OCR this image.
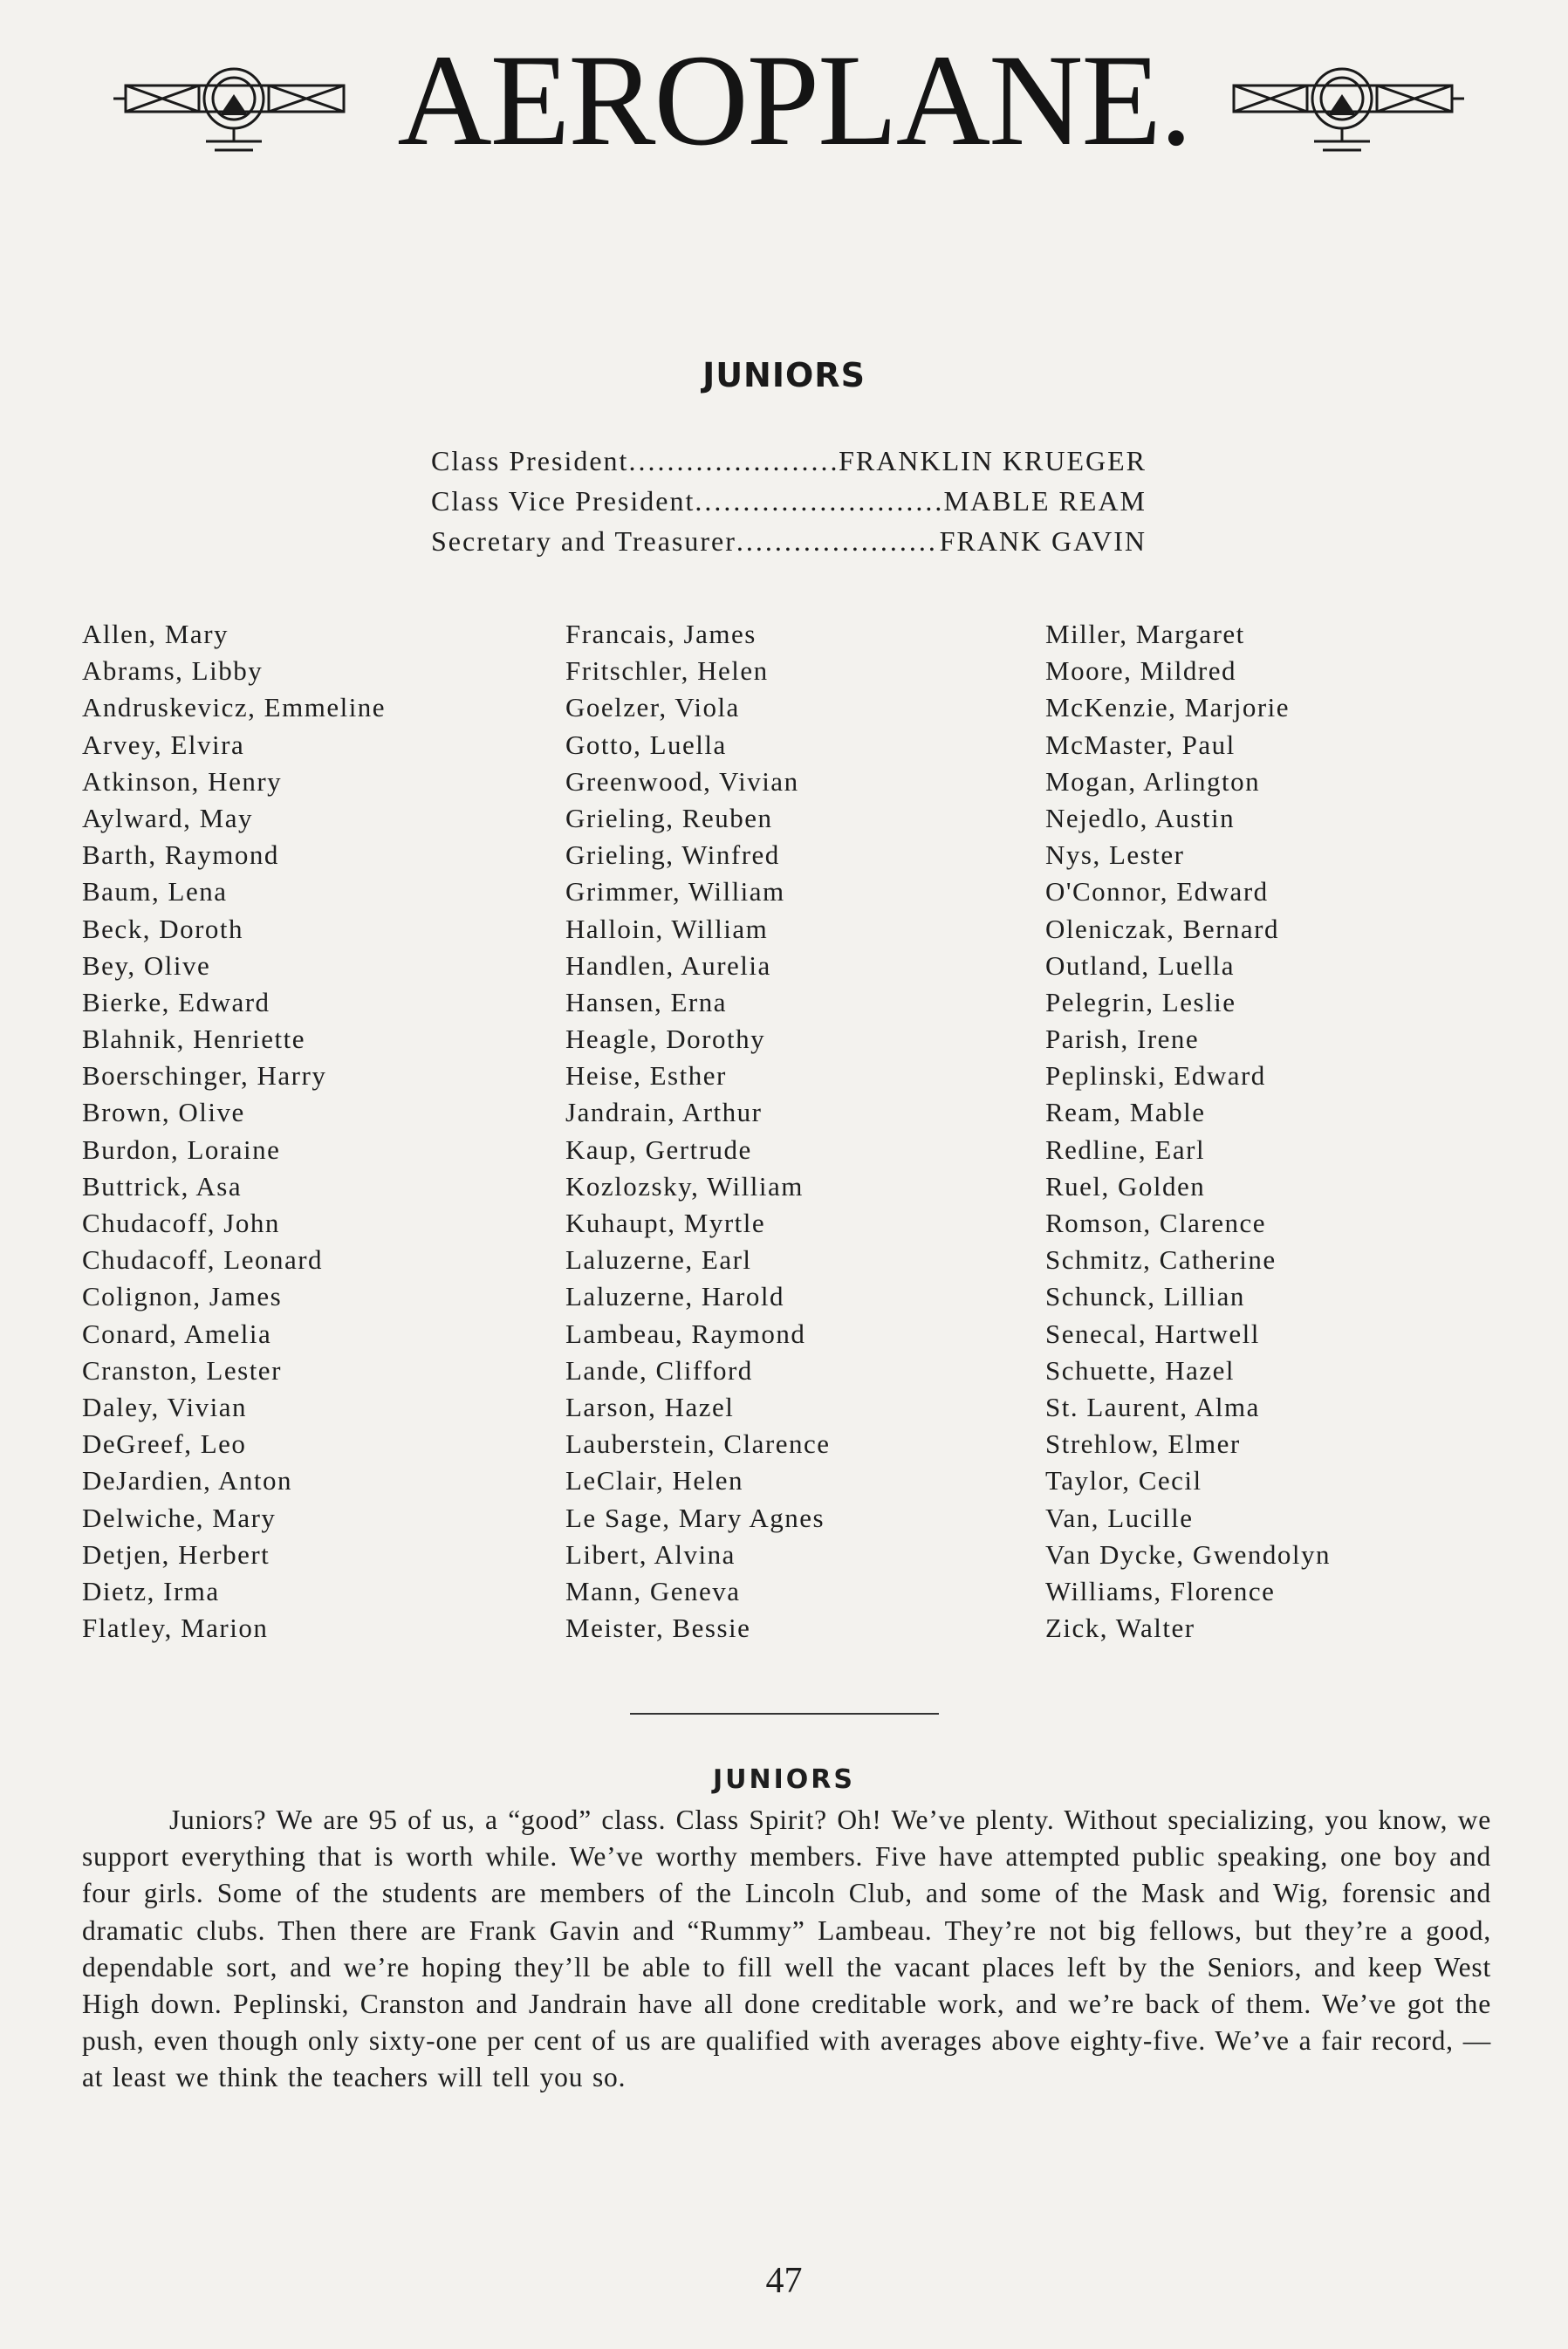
AEROPLANE.
JUNIORS
Class President .....	FRANKLIN KRUEGER
Class Vice President .....	MABLE REAM
Secretary and Treasurer .....	FRANK GAVIN
Allen, Mary
Abrams, Libby
Andruskevicz, Emmeline
Arvey, Elvira
Atkinson, Henry
Aylward, May
Barth, Raymond
Baum, Lena
Beck, Doroth
Bey, Olive
Bierke, Edward
Blahnik, Henriette
Boerschinger, Harry
Brown, Olive
Burdon, Loraine
Buttrick, Asa
Chudacoff, John
Chudacoff, Leonard
Colignon, James
Conard, Amelia
Cranston, Lester
Daley, Vivian
DeGreef, Leo
DeJardien, Anton
Delwiche, Mary
Detjen, Herbert
Dietz, Irma
Flatley, Marion
Francais, James
Fritschler, Helen
Goelzer, Viola
Gotto, Luella
Greenwood, Vivian
Grieling, Reuben
Grieling, Winfred
Grimmer, William
Halloin, William
Handlen, Aurelia
Hansen, Erna
Heagle, Dorothy
Heise, Esther
Jandrain, Arthur
Kaup, Gertrude
Kozlozsky, William
Kuhaupt, Myrtle
Laluzerne, Earl
Laluzerne, Harold
Lambeau, Raymond
Lande, Clifford
Larson, Hazel
Lauberstein, Clarence
LeClair, Helen
Le Sage, Mary Agnes
Libert, Alvina
Mann, Geneva
Meister, Bessie
Miller, Margaret
Moore, Mildred
McKenzie, Marjorie
McMaster, Paul
Mogan, Arlington
Nejedlo, Austin
Nys, Lester
O'Connor, Edward
Oleniczak, Bernard
Outland, Luella
Pelegrin, Leslie
Parish, Irene
Peplinski, Edward
Ream, Mable
Redline, Earl
Ruel, Golden
Romson, Clarence
Schmitz, Catherine
Schunck, Lillian
Senecal, Hartwell
Schuette, Hazel
St. Laurent, Alma
Strehlow, Elmer
Taylor, Cecil
Van, Lucille
Van Dycke, Gwendolyn
Williams, Florence
Zick, Walter
JUNIORS

Juniors? We are 95 of us, a “good” class. Class Spirit? Oh! We’ve plenty. Without specializing, you know, we support everything that is worth while. We’ve worthy members. Five have attempted public speaking, one boy and four girls. Some of the students are members of the Lincoln Club, and some of the Mask and Wig, forensic and dramatic clubs. Then there are Frank Gavin and “Rummy” Lambeau. They’re not big fellows, but they’re a good, dependable sort, and we’re hoping they’ll be able to fill well the vacant places left by the Seniors, and keep West High down. Peplinski, Cranston and Jandrain have all done creditable work, and we’re back of them. We’ve got the push, even though only sixty-one per cent of us are qualified with averages above eighty-five. We’ve a fair record, —at least we think the teachers will tell you so.

47
